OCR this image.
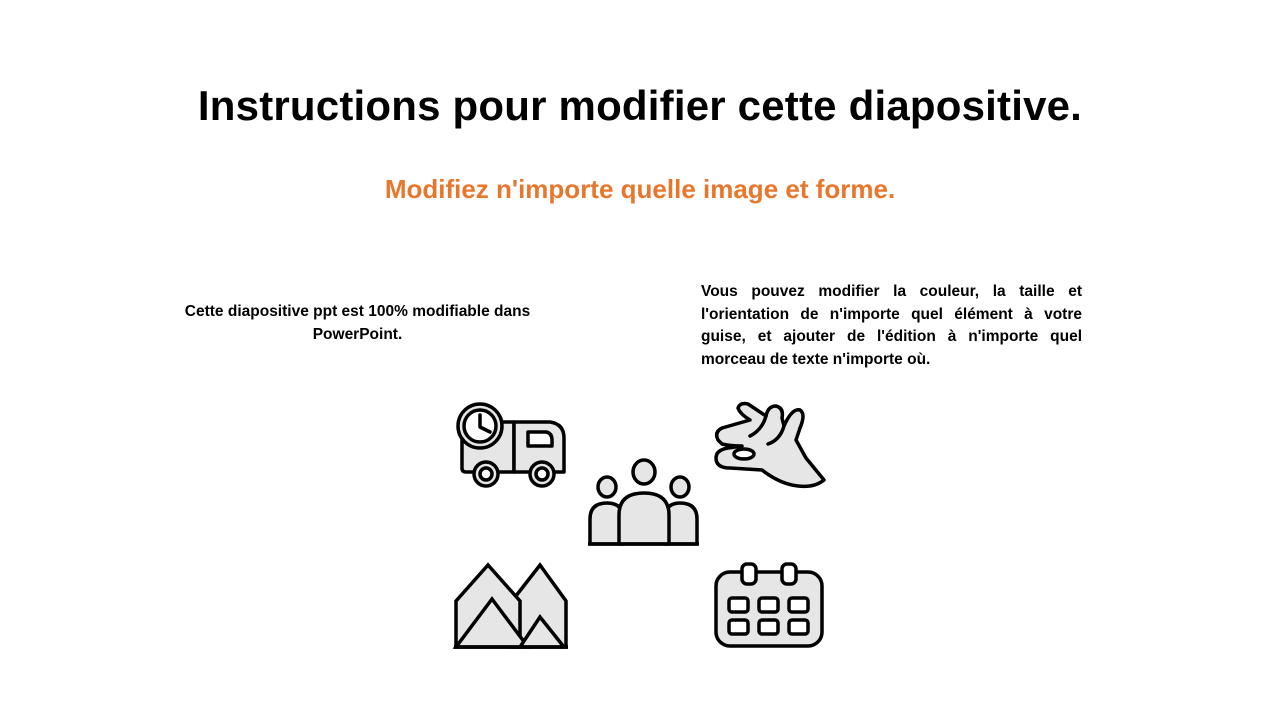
Instructions pour modifier cette diapositive.
Modifiez n'importe quelle image et forme.
Cette diapositive ppt est 100% modifiable dans PowerPoint.
Vous pouvez modifier la couleur, la taille et l'orientation de n'importe quel élément à votre guise, et ajouter de l'édition à n'importe quel morceau de texte n'importe où.
